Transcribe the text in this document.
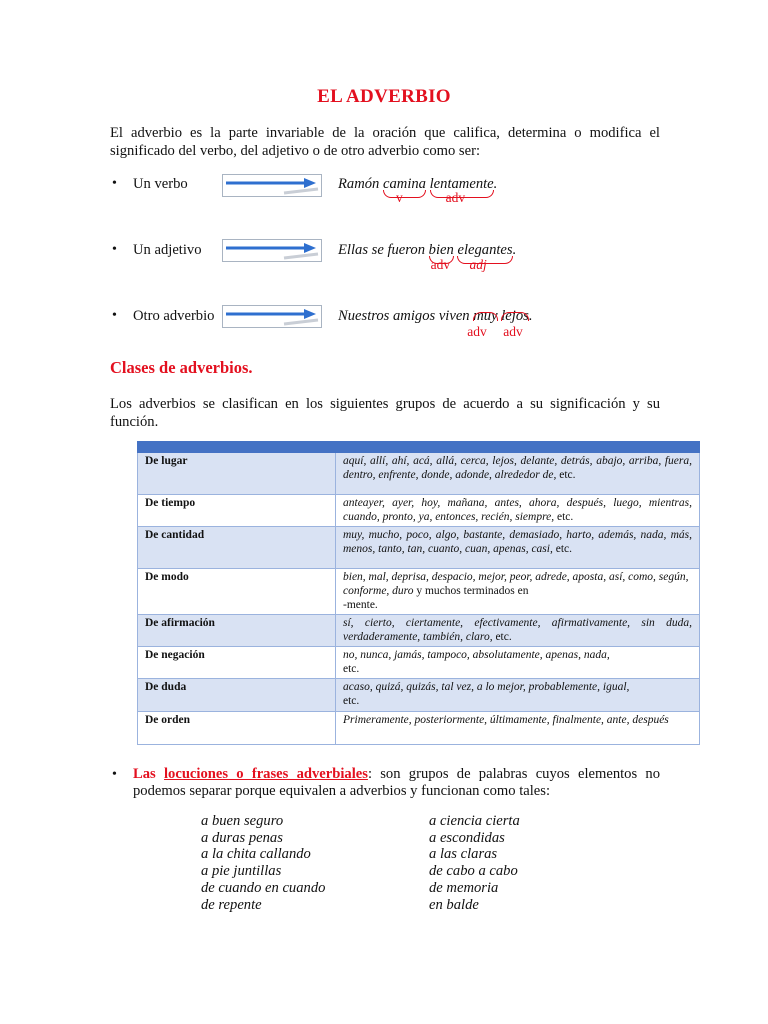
EL ADVERBIO
El adverbio es la parte invariable de la oración que califica, determina o modifica el significado del verbo, del adjetivo o de otro adverbio como ser:
• Un verbo	Ramón camina
v
lentamente
adv
.
• Un adjetivo	Ellas se fueron bien
adv
elegantes
adj
.
• Otro adverbio	Nuestros amigos viven muy
adv
lejos
adv
.
Clases de adverbios.
Los adverbios se clasifican en los siguientes grupos de acuerdo a su significación y su función.

De lugar	aquí, allí, ahí, acá, allá, cerca, lejos, delante, detrás, abajo, arriba, fuera, dentro, enfrente, donde, adonde, alrededor de, etc.
De tiempo	anteayer, ayer, hoy, mañana, antes, ahora, después, luego, mientras, cuando, pronto, ya, entonces, recién, siempre, etc.
De cantidad	muy, mucho, poco, algo, bastante, demasiado, harto, además, nada, más, menos, tanto, tan, cuanto, cuan, apenas, casi, etc.
De modo	bien, mal, deprisa, despacio, mejor, peor, adrede, aposta, así, como, según, conforme, duro y muchos terminados en
-mente.
De afirmación	sí, cierto, ciertamente, efectivamente, afirmativamente, sin duda, verdaderamente, también, claro, etc.
De negación	no, nunca, jamás, tampoco, absolutamente, apenas, nada,
etc.
De duda	acaso, quizá, quizás, tal vez, a lo mejor, probablemente, igual,
etc.
De orden	Primeramente, posteriormente, últimamente, finalmente, ante, después
• Las locuciones o frases adverbiales: son grupos de palabras cuyos elementos no podemos separar porque equivalen a adverbios y funcionan como tales:
a buen seguro
a duras penas
a la chita callando
a pie juntillas
de cuando en cuando
de repente
a ciencia cierta
a escondidas
a las claras
de cabo a cabo
de memoria
en balde
